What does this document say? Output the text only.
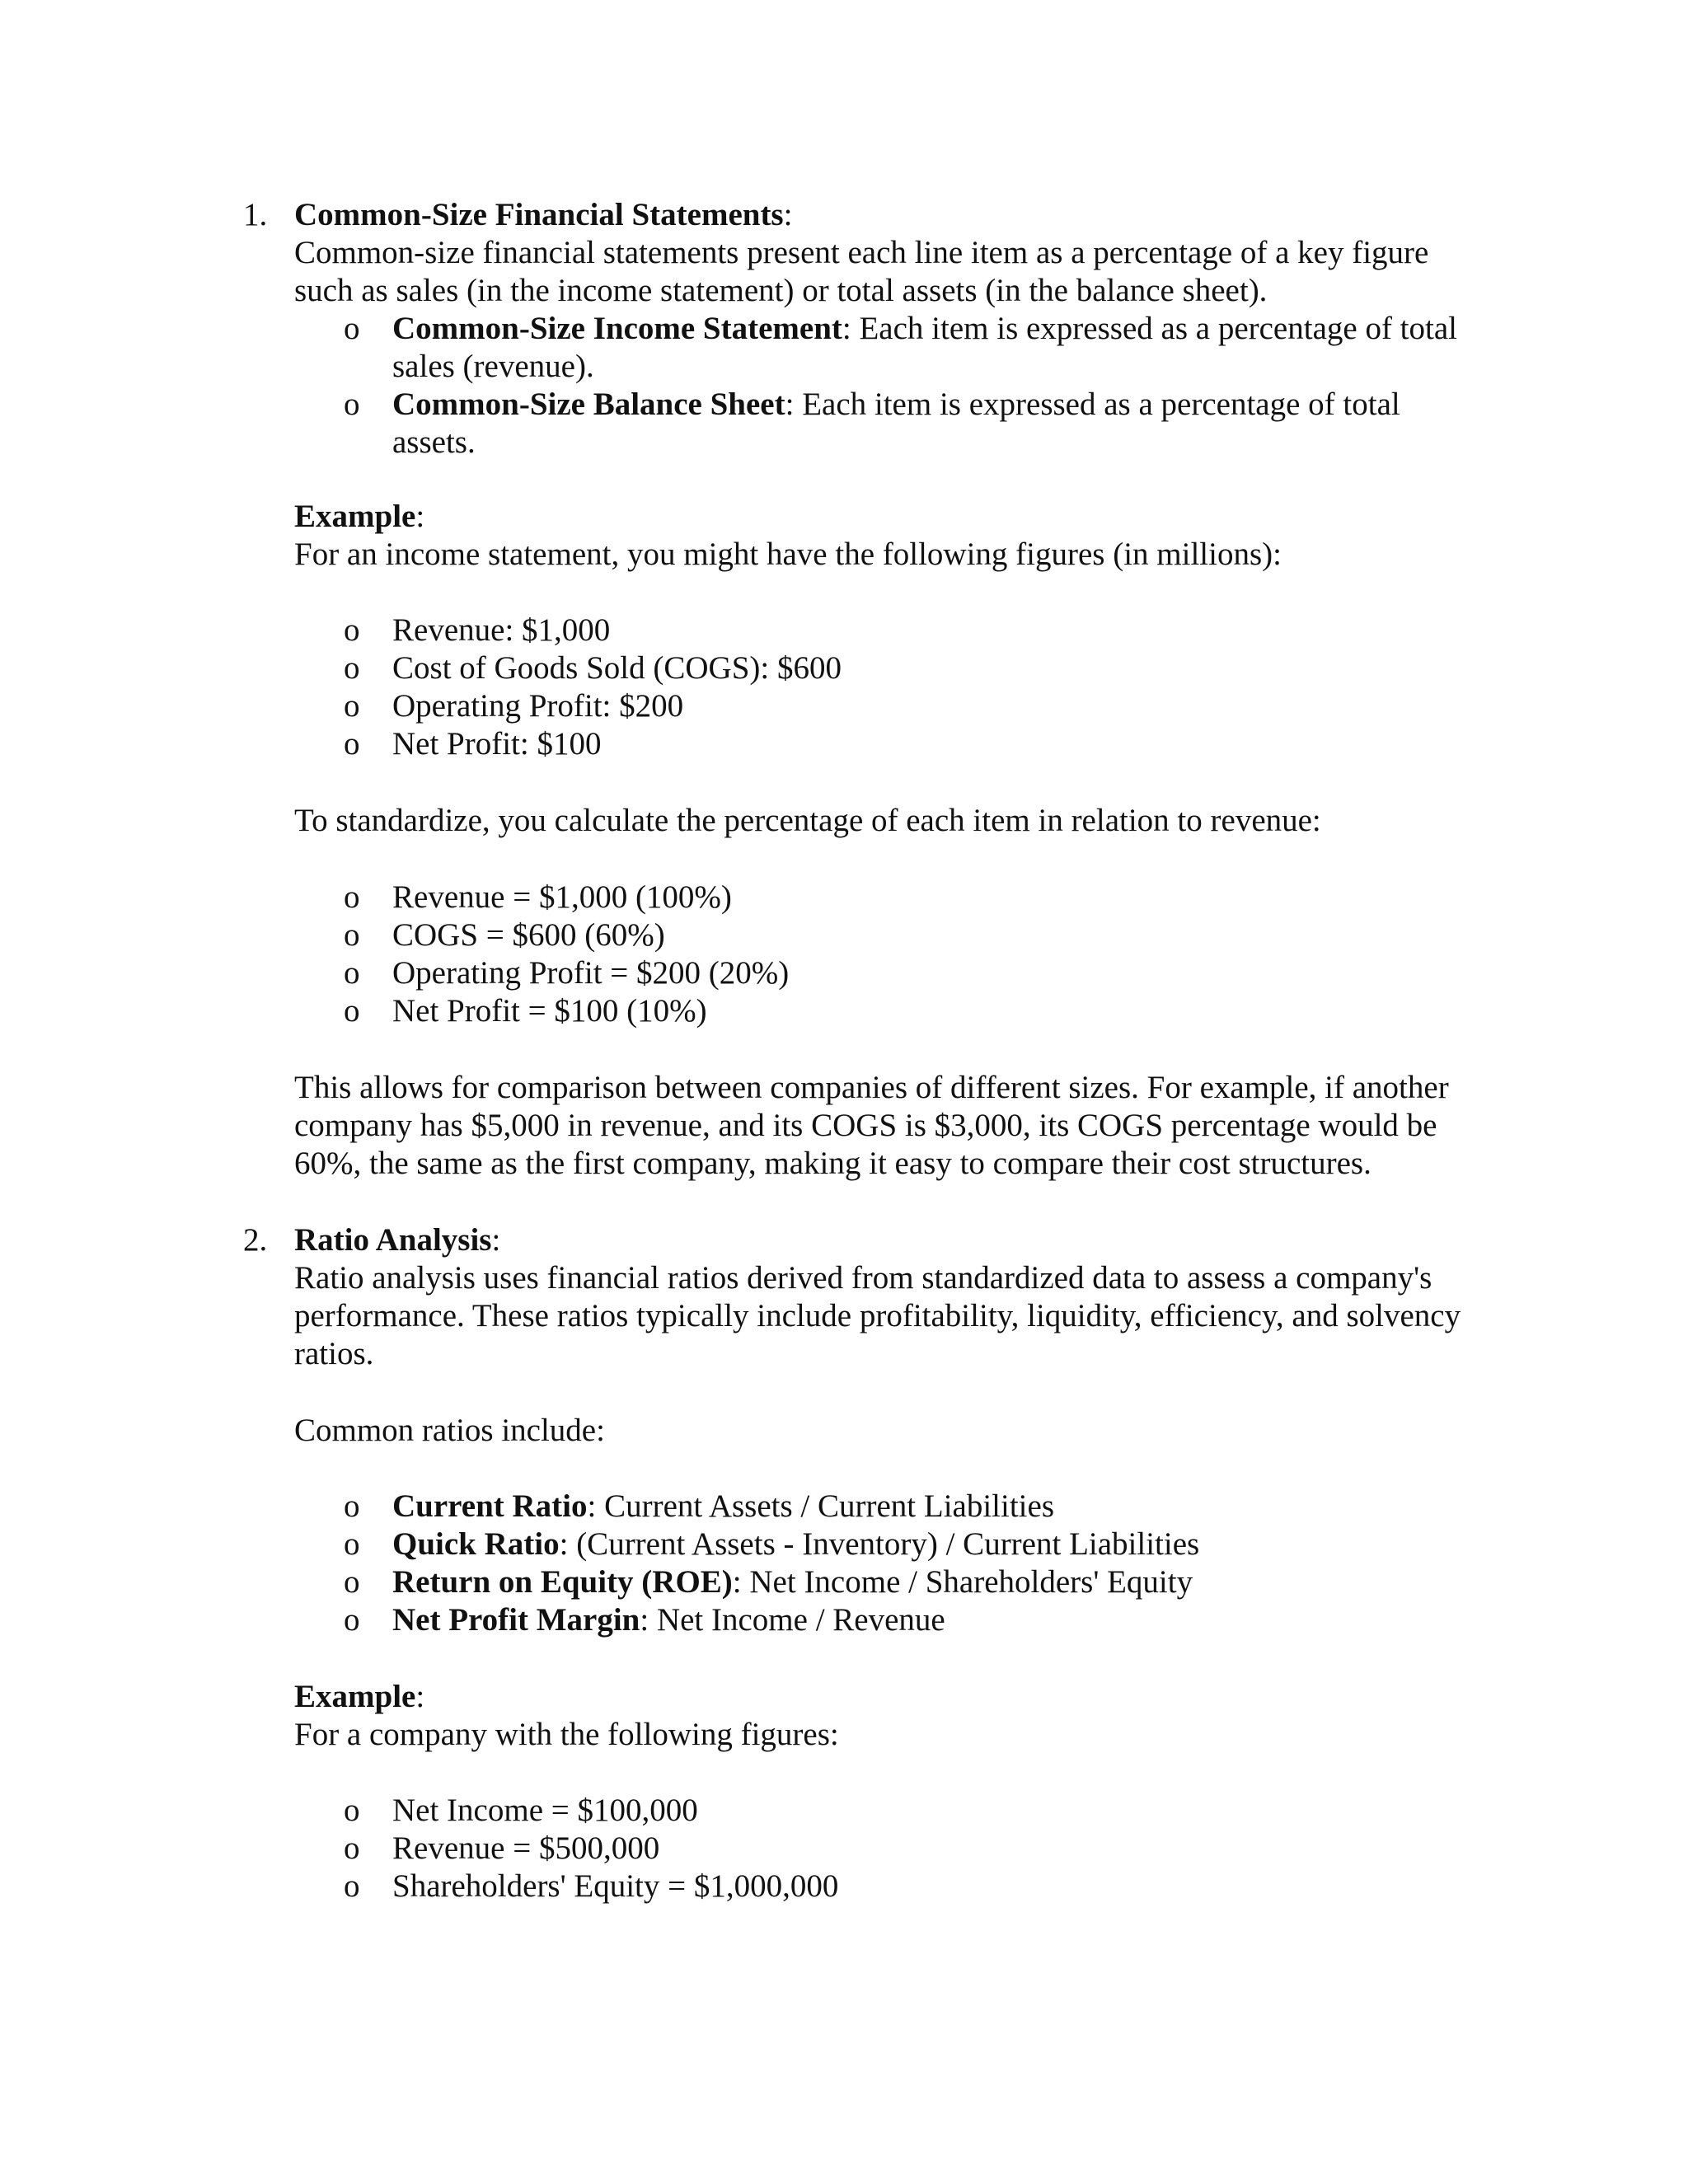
1. Common-Size Financial Statements:
Common-size financial statements present each line item as a percentage of a key figure such as sales (in the income statement) or total assets (in the balance sheet).
o Common-Size Income Statement: Each item is expressed as a percentage of total sales (revenue).
o Common-Size Balance Sheet: Each item is expressed as a percentage of total assets.
Example:
For an income statement, you might have the following figures (in millions):
o Revenue: $1,000
o Cost of Goods Sold (COGS): $600
o Operating Profit: $200
o Net Profit: $100
To standardize, you calculate the percentage of each item in relation to revenue:
o Revenue = $1,000 (100%)
o COGS = $600 (60%)
o Operating Profit = $200 (20%)
o Net Profit = $100 (10%)
This allows for comparison between companies of different sizes. For example, if another company has $5,000 in revenue, and its COGS is $3,000, its COGS percentage would be 60%, the same as the first company, making it easy to compare their cost structures.
2. Ratio Analysis:
Ratio analysis uses financial ratios derived from standardized data to assess a company's performance. These ratios typically include profitability, liquidity, efficiency, and solvency ratios.
Common ratios include:
o Current Ratio: Current Assets / Current Liabilities
o Quick Ratio: (Current Assets - Inventory) / Current Liabilities
o Return on Equity (ROE): Net Income / Shareholders' Equity
o Net Profit Margin: Net Income / Revenue
Example:
For a company with the following figures:
o Net Income = $100,000
o Revenue = $500,000
o Shareholders' Equity = $1,000,000
